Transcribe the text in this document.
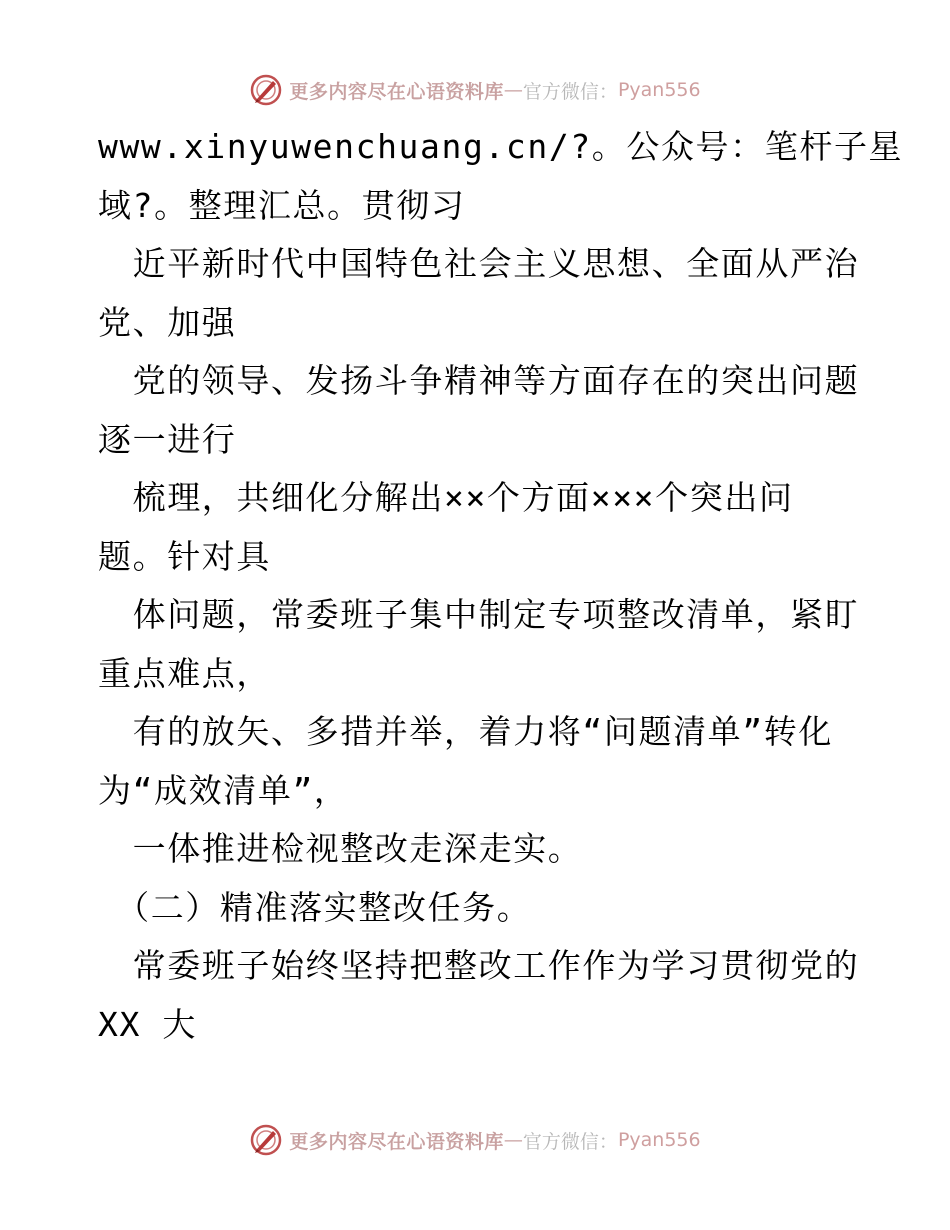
更多内容尽在心语资料库 — 官方微信： Pyan556
www.xinyuwenchuang.cn/?。公众号：笔杆子星
域?。整理汇总。贯彻习
　近平新时代中国特色社会主义思想、全面从严治
党、加强
　党的领导、发扬斗争精神等方面存在的突出问题
逐一进行
　梳理，共细化分解出××个方面×××个突出问
题。针对具
　体问题，常委班子集中制定专项整改清单，紧盯
重点难点，
　有的放矢、多措并举，着力将“问题清单”转化
为“成效清单”，
　一体推进检视整改走深走实。
　（二）精准落实整改任务。
　常委班子始终坚持把整改工作作为学习贯彻党的
XX 大
更多内容尽在心语资料库 — 官方微信： Pyan556
